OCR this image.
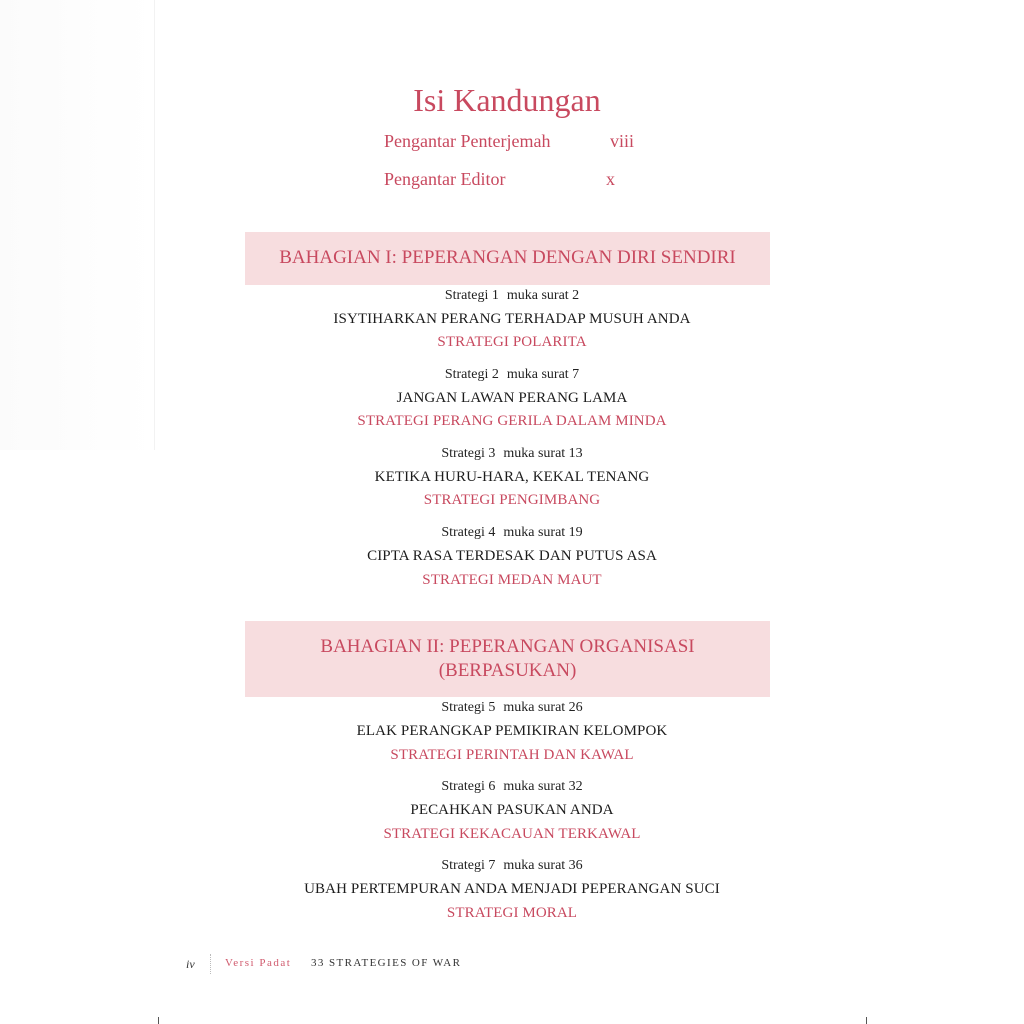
Isi Kandungan
Pengantar Penterjemah	viii
Pengantar Editor	x
BAHAGIAN I: PEPERANGAN DENGAN DIRI SENDIRI
Strategi 1 muka surat 2
ISYTIHARKAN PERANG TERHADAP MUSUH ANDA
STRATEGI POLARITA
Strategi 2 muka surat 7
JANGAN LAWAN PERANG LAMA
STRATEGI PERANG GERILA DALAM MINDA
Strategi 3 muka surat 13
KETIKA HURU-HARA, KEKAL TENANG
STRATEGI PENGIMBANG
Strategi 4 muka surat 19
CIPTA RASA TERDESAK DAN PUTUS ASA
STRATEGI MEDAN MAUT
BAHAGIAN II: PEPERANGAN ORGANISASI
(BERPASUKAN)
Strategi 5 muka surat 26
ELAK PERANGKAP PEMIKIRAN KELOMPOK
STRATEGI PERINTAH DAN KAWAL
Strategi 6 muka surat 32
PECAHKAN PASUKAN ANDA
STRATEGI KEKACAUAN TERKAWAL
Strategi 7 muka surat 36
UBAH PERTEMPURAN ANDA MENJADI PEPERANGAN SUCI
STRATEGI MORAL
iv	Versi Padat 33 STRATEGIES OF WAR
